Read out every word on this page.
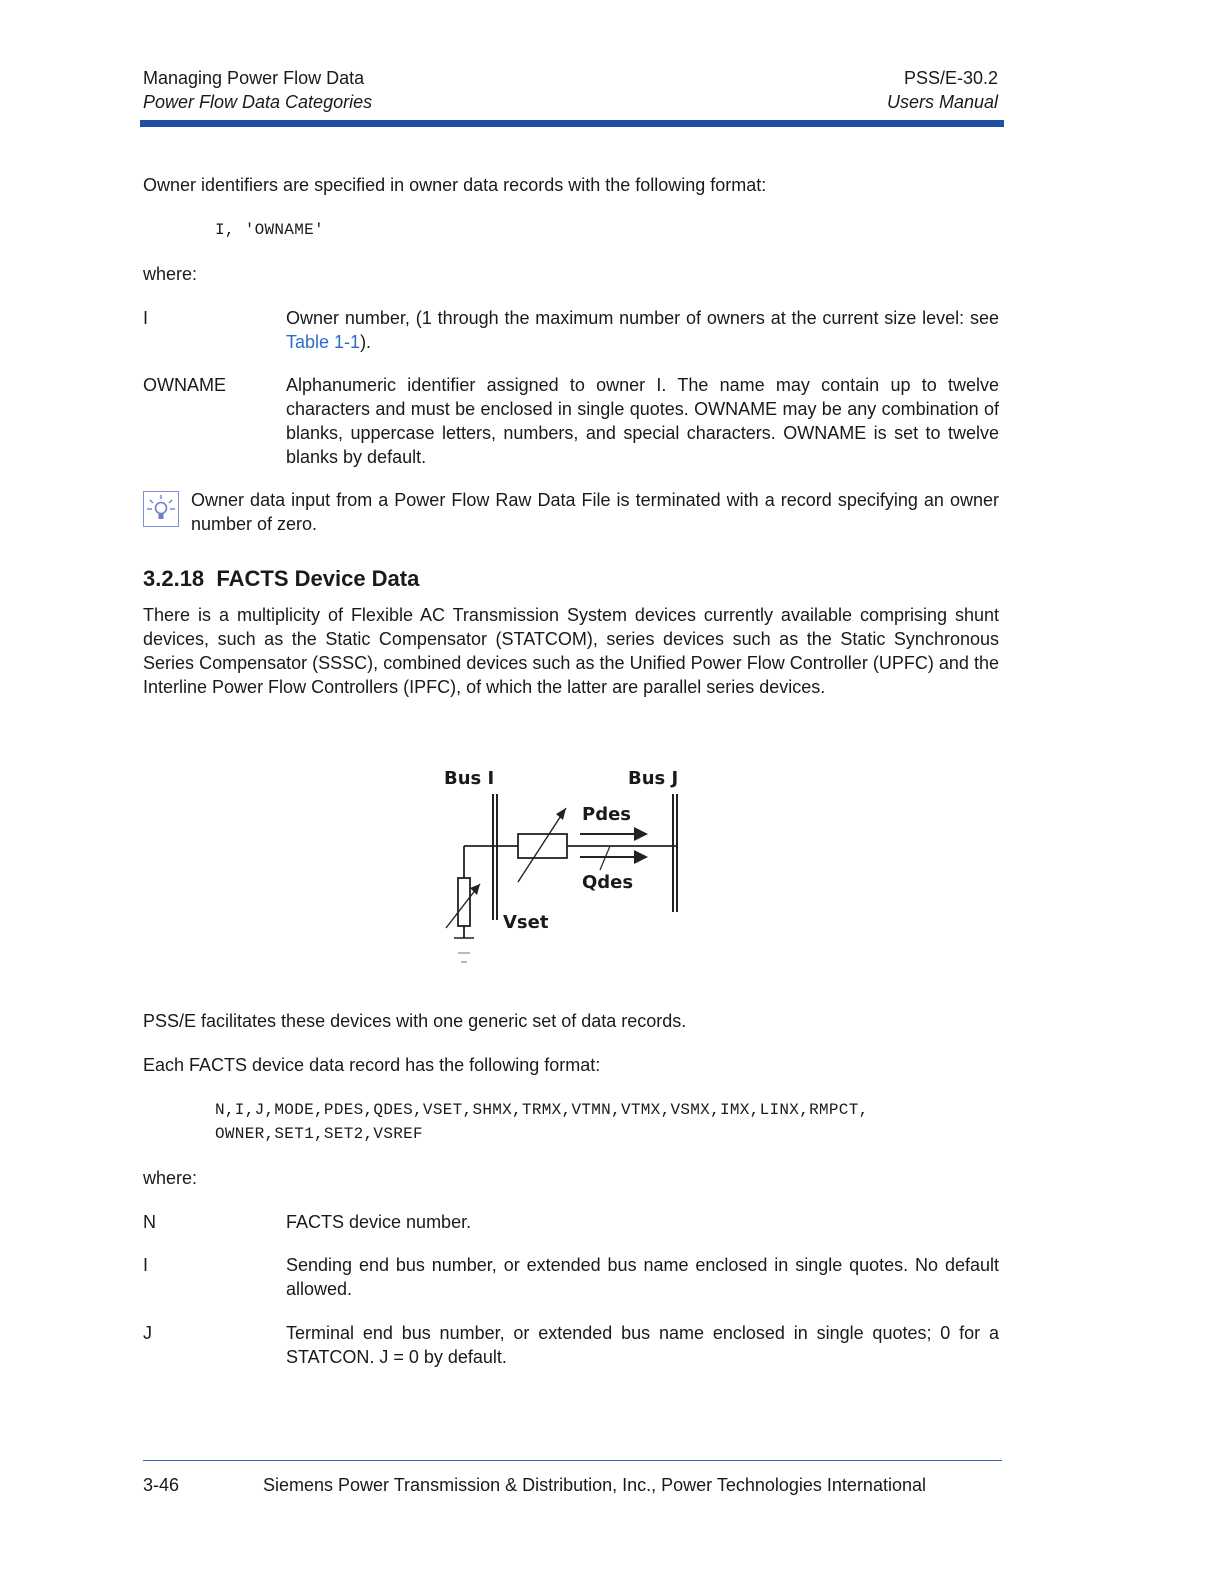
Managing Power Flow Data
Power Flow Data Categories
PSS/E-30.2
Users Manual
Owner identifiers are specified in owner data records with the following format:
I, 'OWNAME'
where:
I	Owner number, (1 through the maximum number of owners at the current size level: see Table 1-1).
OWNAME	Alphanumeric identifier assigned to owner I. The name may contain up to twelve characters and must be enclosed in single quotes. OWNAME may be any combination of blanks, uppercase letters, numbers, and special characters. OWNAME is set to twelve blanks by default.
Owner data input from a Power Flow Raw Data File is terminated with a record specifying an owner number of zero.
3.2.18  FACTS Device Data
There is a multiplicity of Flexible AC Transmission System devices currently available comprising shunt devices, such as the Static Compensator (STATCOM), series devices such as the Static Synchronous Series Compensator (SSSC), combined devices such as the Unified Power Flow Controller (UPFC) and the Interline Power Flow Controllers (IPFC), of which the latter are parallel series devices.
Bus I	Bus J
Pdes
Qdes
Vset
PSS/E facilitates these devices with one generic set of data records.
Each FACTS device data record has the following format:
N,I,J,MODE,PDES,QDES,VSET,SHMX,TRMX,VTMN,VTMX,VSMX,IMX,LINX,RMPCT,
OWNER,SET1,SET2,VSREF
where:
N	FACTS device number.
I	Sending end bus number, or extended bus name enclosed in single quotes. No default allowed.
J	Terminal end bus number, or extended bus name enclosed in single quotes; 0 for a STATCON. J = 0 by default.
3-46	Siemens Power Transmission & Distribution, Inc., Power Technologies International
